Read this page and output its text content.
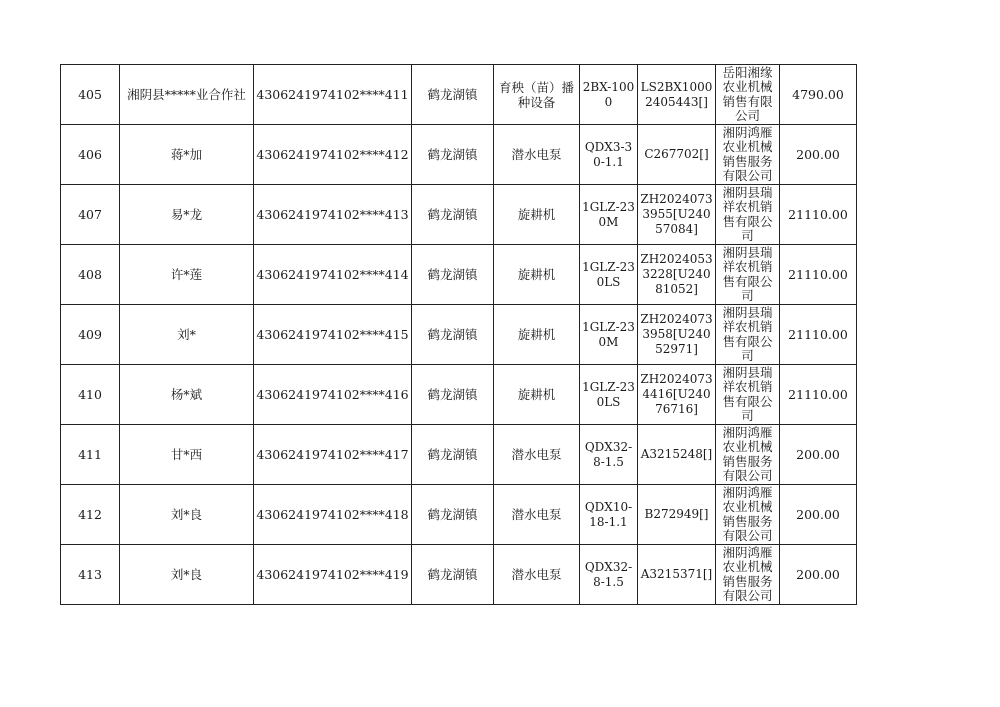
405	湘阴县*****业合作社	4306241974102****411	鹤龙湖镇	育秧（苗）播种设备	2BX-1000	LS2BX10002405443[]	岳阳湘缘农业机械销售有限公司	4790.00
406	蒋*加	4306241974102****412	鹤龙湖镇	潜水电泵	QDX3-30-1.1	C267702[]	湘阴鸿雁农业机械销售服务有限公司	200.00
407	易*龙	4306241974102****413	鹤龙湖镇	旋耕机	1GLZ-230M	ZH20240733955[U24057084]	湘阴县瑞祥农机销售有限公司	21110.00
408	许*莲	4306241974102****414	鹤龙湖镇	旋耕机	1GLZ-230LS	ZH20240533228[U24081052]	湘阴县瑞祥农机销售有限公司	21110.00
409	刘*	4306241974102****415	鹤龙湖镇	旋耕机	1GLZ-230M	ZH20240733958[U24052971]	湘阴县瑞祥农机销售有限公司	21110.00
410	杨*斌	4306241974102****416	鹤龙湖镇	旋耕机	1GLZ-230LS	ZH20240734416[U24076716]	湘阴县瑞祥农机销售有限公司	21110.00
411	甘*西	4306241974102****417	鹤龙湖镇	潜水电泵	QDX32-8-1.5	A3215248[]	湘阴鸿雁农业机械销售服务有限公司	200.00
412	刘*良	4306241974102****418	鹤龙湖镇	潜水电泵	QDX10-18-1.1	B272949[]	湘阴鸿雁农业机械销售服务有限公司	200.00
413	刘*良	4306241974102****419	鹤龙湖镇	潜水电泵	QDX32-8-1.5	A3215371[]	湘阴鸿雁农业机械销售服务有限公司	200.00
